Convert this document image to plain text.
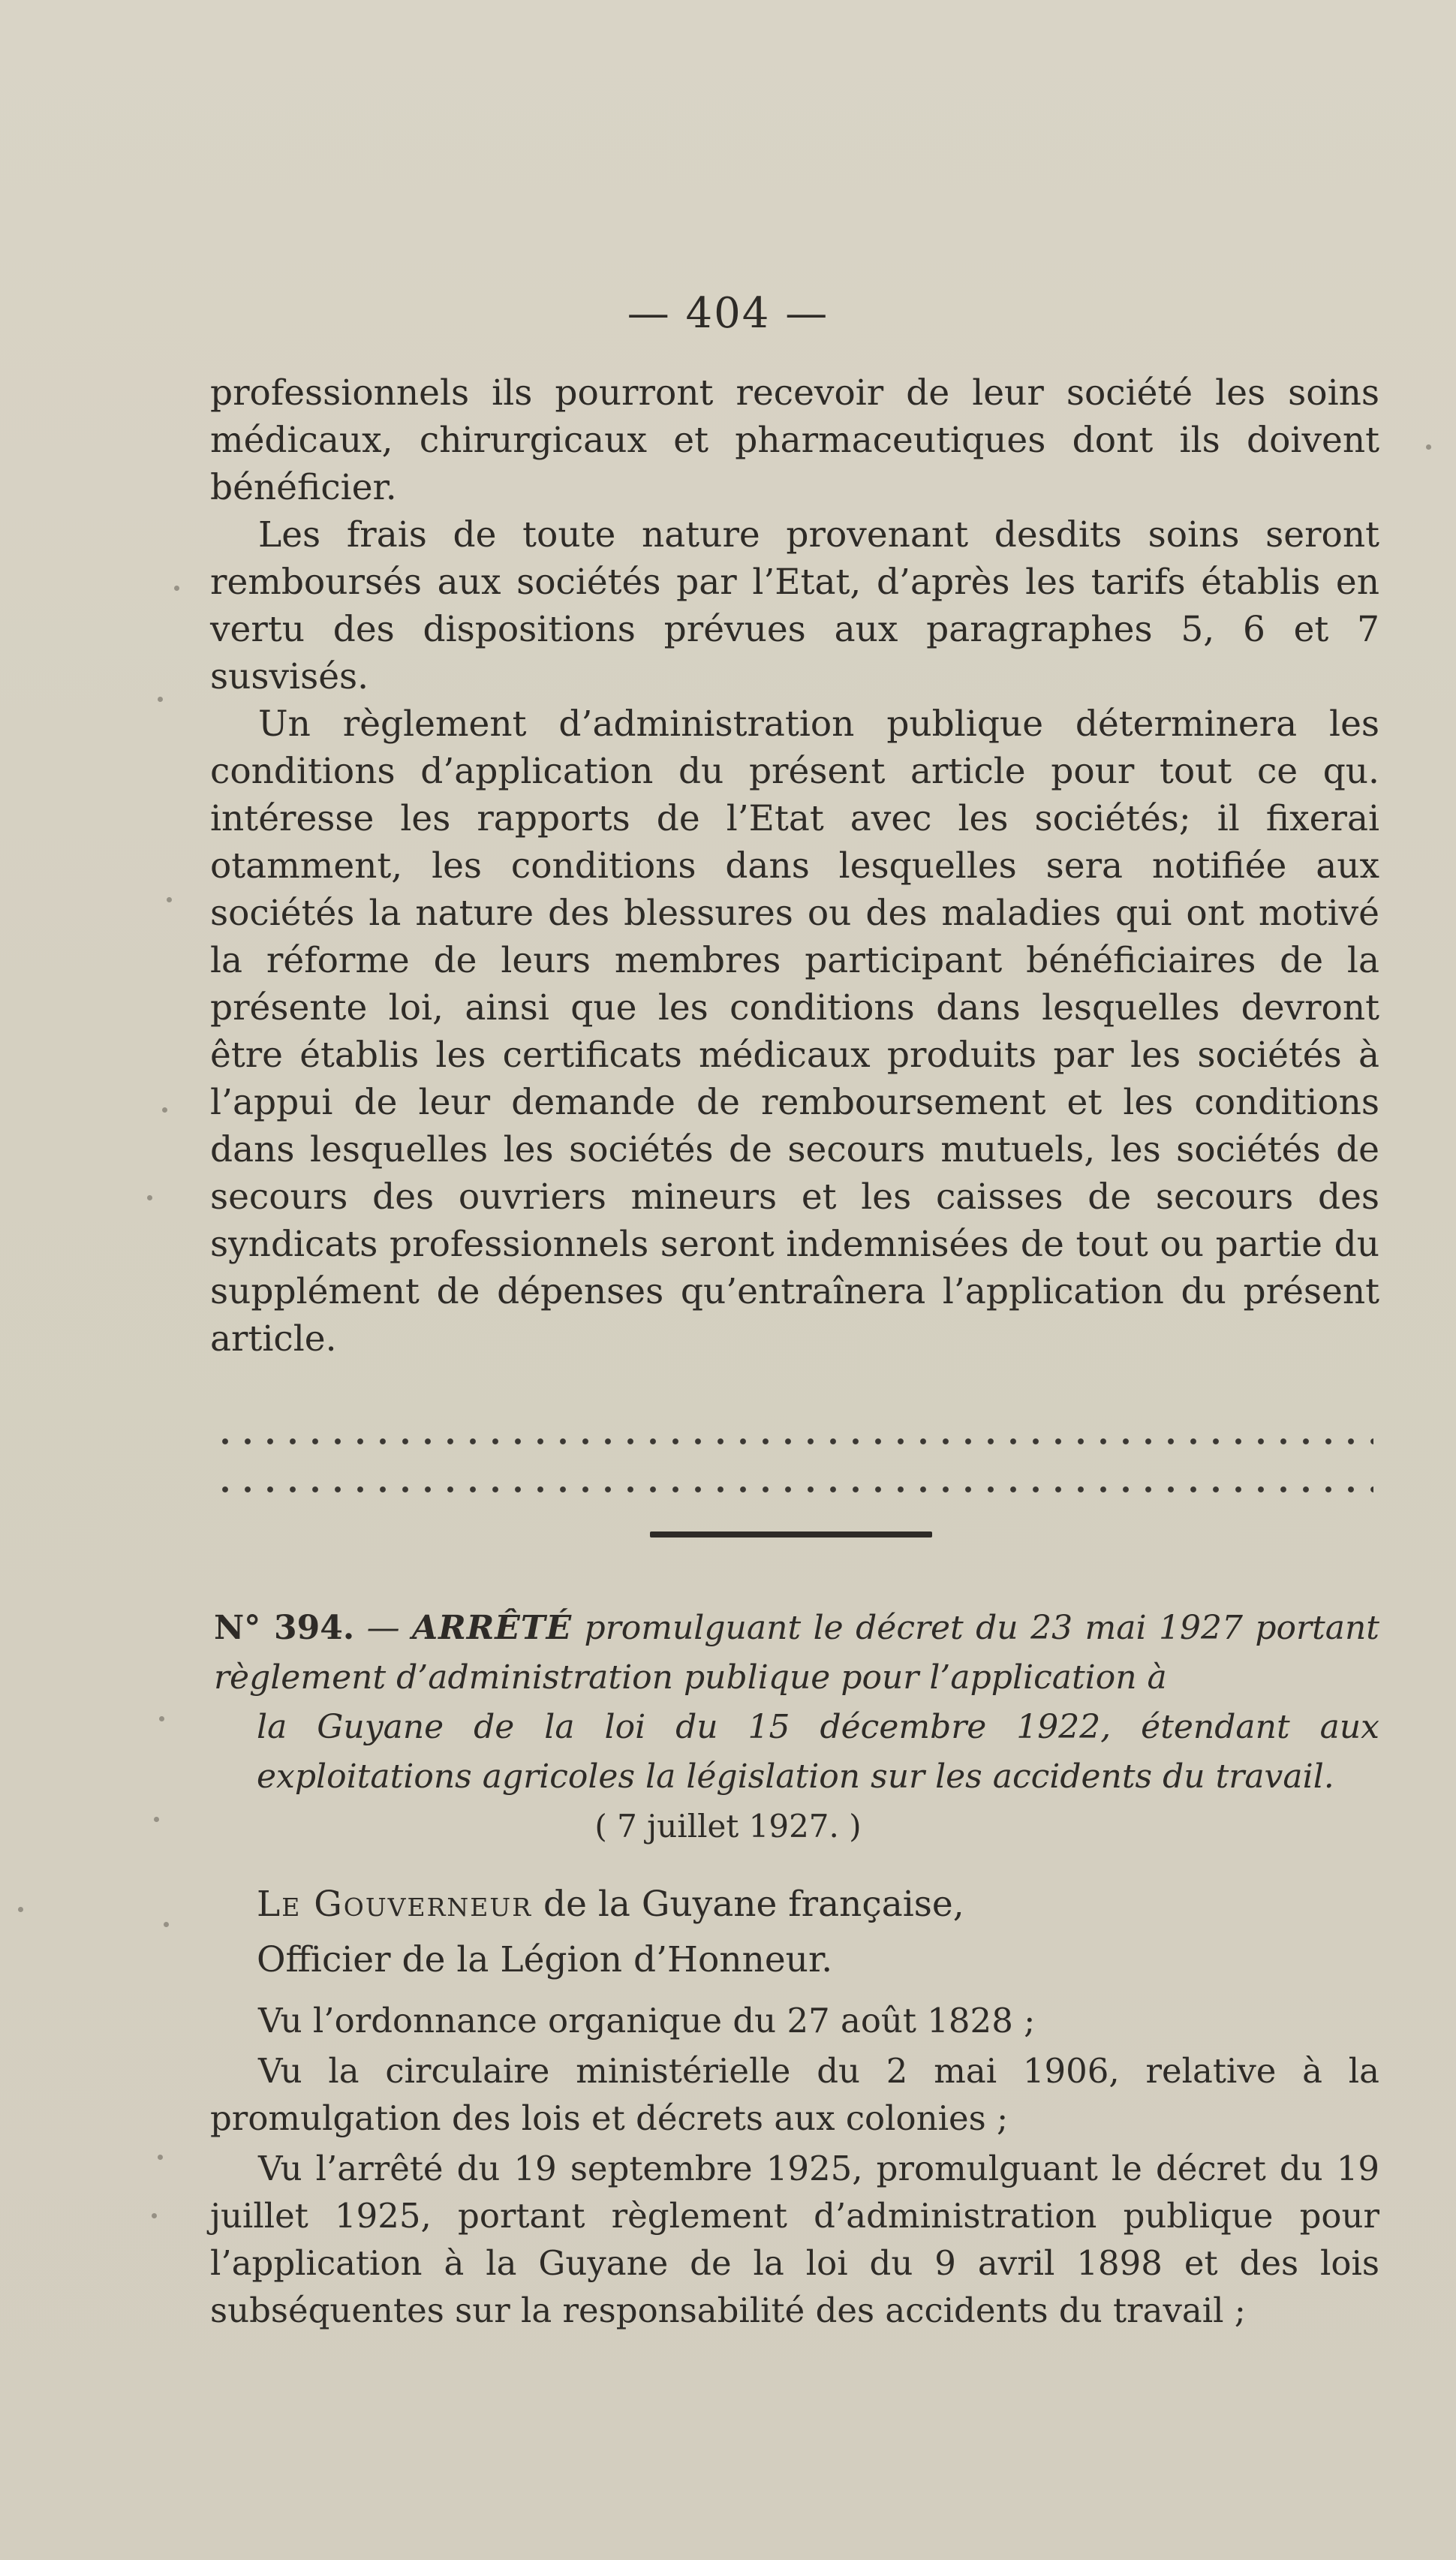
— 404 —

professionnels ils pourront recevoir de leur société les soins médicaux, chirurgicaux et pharmaceutiques dont ils doivent bénéficier.

Les frais de toute nature provenant desdits soins seront remboursés aux sociétés par l’Etat, d’après les tarifs établis en vertu des dispositions prévues aux paragraphes 5, 6 et 7 susvisés.

Un règlement d’administration publique déterminera les conditions d’application du présent article pour tout ce qu. intéresse les rapports de l’Etat avec les sociétés; il fixerai otamment, les conditions dans lesquelles sera notifiée aux sociétés la nature des blessures ou des maladies qui ont motivé la réforme de leurs membres participant bénéficiaires de la présente loi, ainsi que les conditions dans lesquelles devront être établis les certificats médicaux produits par les sociétés à l’appui de leur demande de remboursement et les conditions dans lesquelles les sociétés de secours mutuels, les sociétés de secours des ouvriers mineurs et les caisses de secours des syndicats professionnels seront indemnisées de tout ou partie du supplément de dépenses qu’entraînera l’application du présent article.

N° 394. — ARRÊTÉ promulguant le décret du 23 mai 1927 portant règlement d’administration publique pour l’application à
la Guyane de la loi du 15 décembre 1922, étendant aux exploitations agricoles la législation sur les accidents du travail.
( 7 juillet 1927. )
Le Gouverneur de la Guyane française,
Officier de la Légion d’Honneur.

Vu l’ordonnance organique du 27 août 1828 ;

Vu la circulaire ministérielle du 2 mai 1906, relative à la promulgation des lois et décrets aux colonies ;

Vu l’arrêté du 19 septembre 1925, promulguant le décret du 19 juillet 1925, portant règlement d’administration publique pour l’application à la Guyane de la loi du 9 avril 1898 et des lois subséquentes sur la responsabilité des accidents du travail ;
